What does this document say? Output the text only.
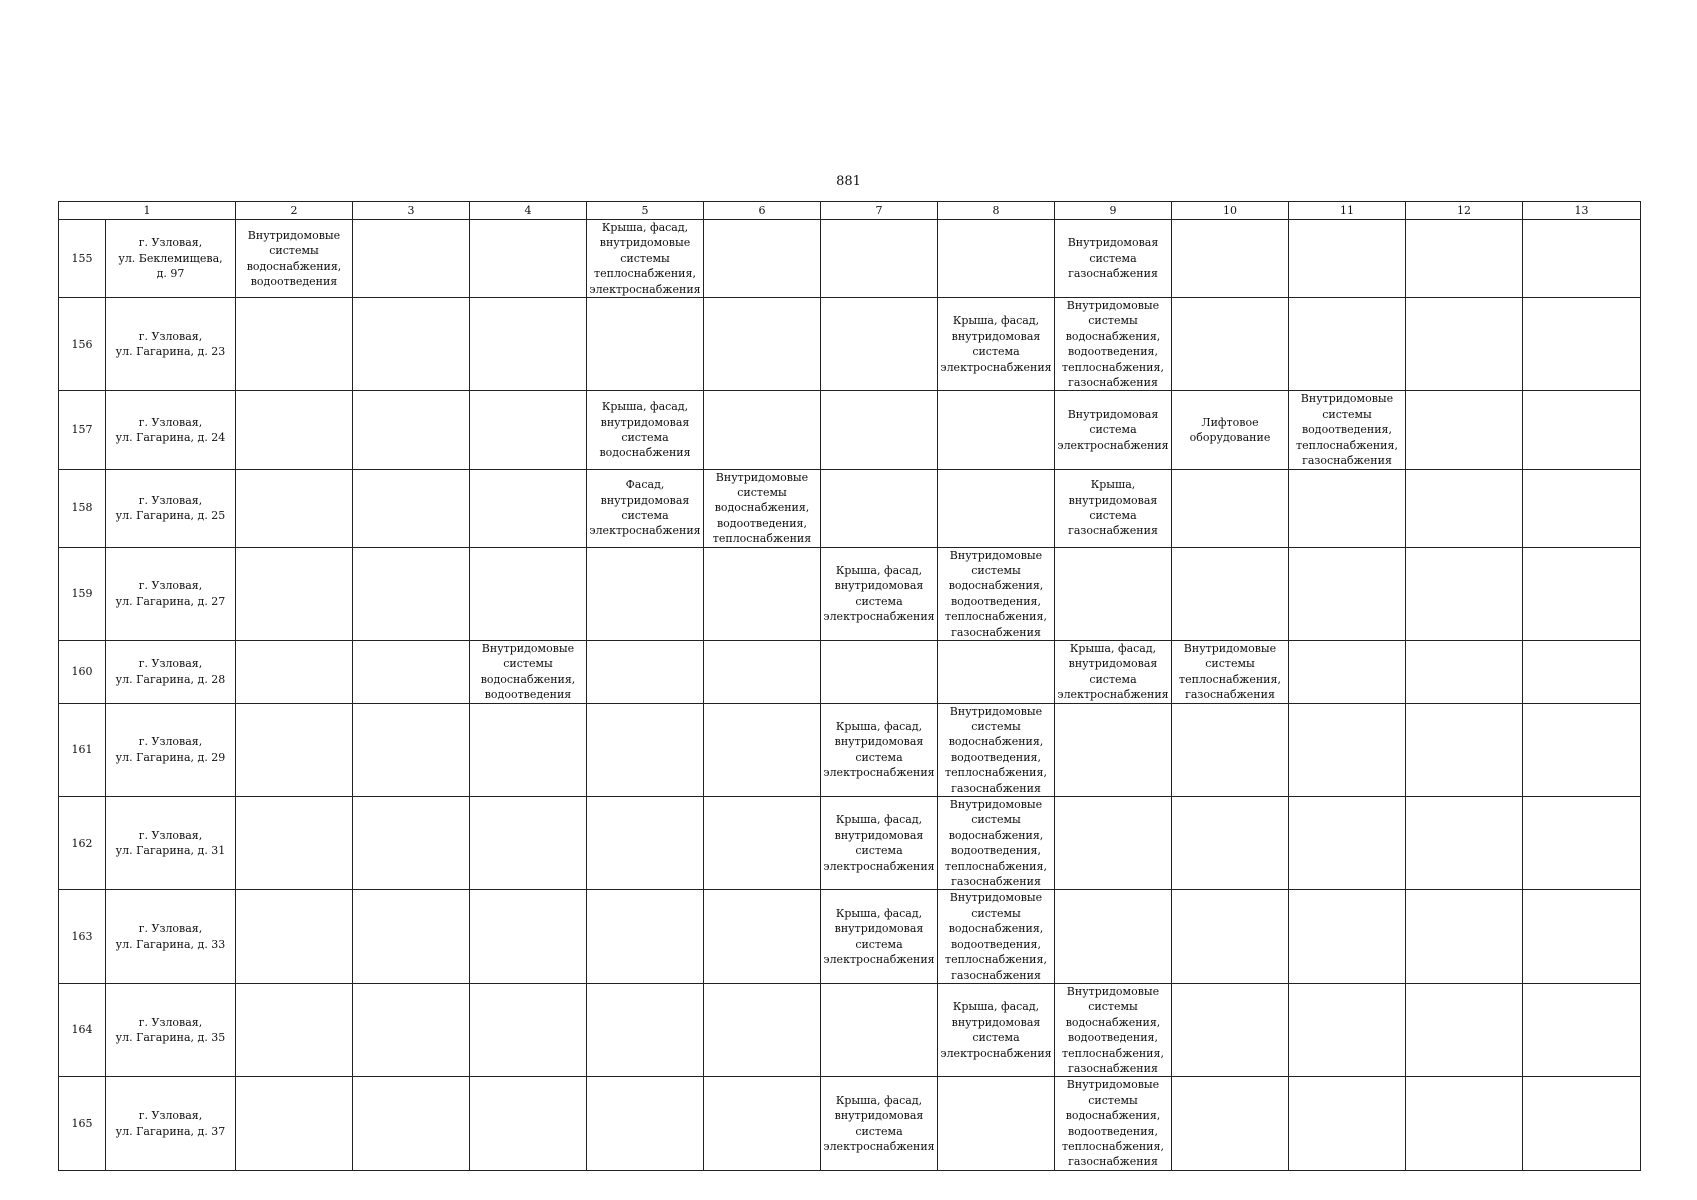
881
1		2	3	4	5	6	7	8	9	10	11	12	13
155	г. Узловая,
ул. Беклемищева,
д. 97	Внутридомовые системы водоснабжения, водоотведения			Крыша, фасад, внутридомовые системы теплоснабжения, электроснабжения				Внутридомовая система газоснабжения				
156	г. Узловая,
ул. Гагарина, д. 23							Крыша, фасад, внутридомовая система электроснабжения	Внутридомовые системы водоснабжения, водоотведения, теплоснабжения, газоснабжения				
157	г. Узловая,
ул. Гагарина, д. 24				Крыша, фасад, внутридомовая система водоснабжения				Внутридомовая система электроснабжения	Лифтовое оборудование	Внутридомовые системы водоотведения, теплоснабжения, газоснабжения		
158	г. Узловая,
ул. Гагарина, д. 25				Фасад, внутридомовая система электроснабжения	Внутридомовые системы водоснабжения, водоотведения, теплоснабжения			Крыша, внутридомовая система газоснабжения				
159	г. Узловая,
ул. Гагарина, д. 27						Крыша, фасад, внутридомовая система электроснабжения	Внутридомовые системы водоснабжения, водоотведения, теплоснабжения, газоснабжения					
160	г. Узловая,
ул. Гагарина, д. 28			Внутридомовые системы водоснабжения, водоотведения					Крыша, фасад, внутридомовая система электроснабжения	Внутридомовые системы теплоснабжения, газоснабжения			
161	г. Узловая,
ул. Гагарина, д. 29						Крыша, фасад, внутридомовая система электроснабжения	Внутридомовые системы водоснабжения, водоотведения, теплоснабжения, газоснабжения					
162	г. Узловая,
ул. Гагарина, д. 31						Крыша, фасад, внутридомовая система электроснабжения	Внутридомовые системы водоснабжения, водоотведения, теплоснабжения, газоснабжения					
163	г. Узловая,
ул. Гагарина, д. 33						Крыша, фасад, внутридомовая система электроснабжения	Внутридомовые системы водоснабжения, водоотведения, теплоснабжения, газоснабжения					
164	г. Узловая,
ул. Гагарина, д. 35							Крыша, фасад, внутридомовая система электроснабжения	Внутридомовые системы водоснабжения, водоотведения, теплоснабжения, газоснабжения				
165	г. Узловая,
ул. Гагарина, д. 37						Крыша, фасад, внутридомовая система электроснабжения		Внутридомовые системы водоснабжения, водоотведения, теплоснабжения, газоснабжения				
